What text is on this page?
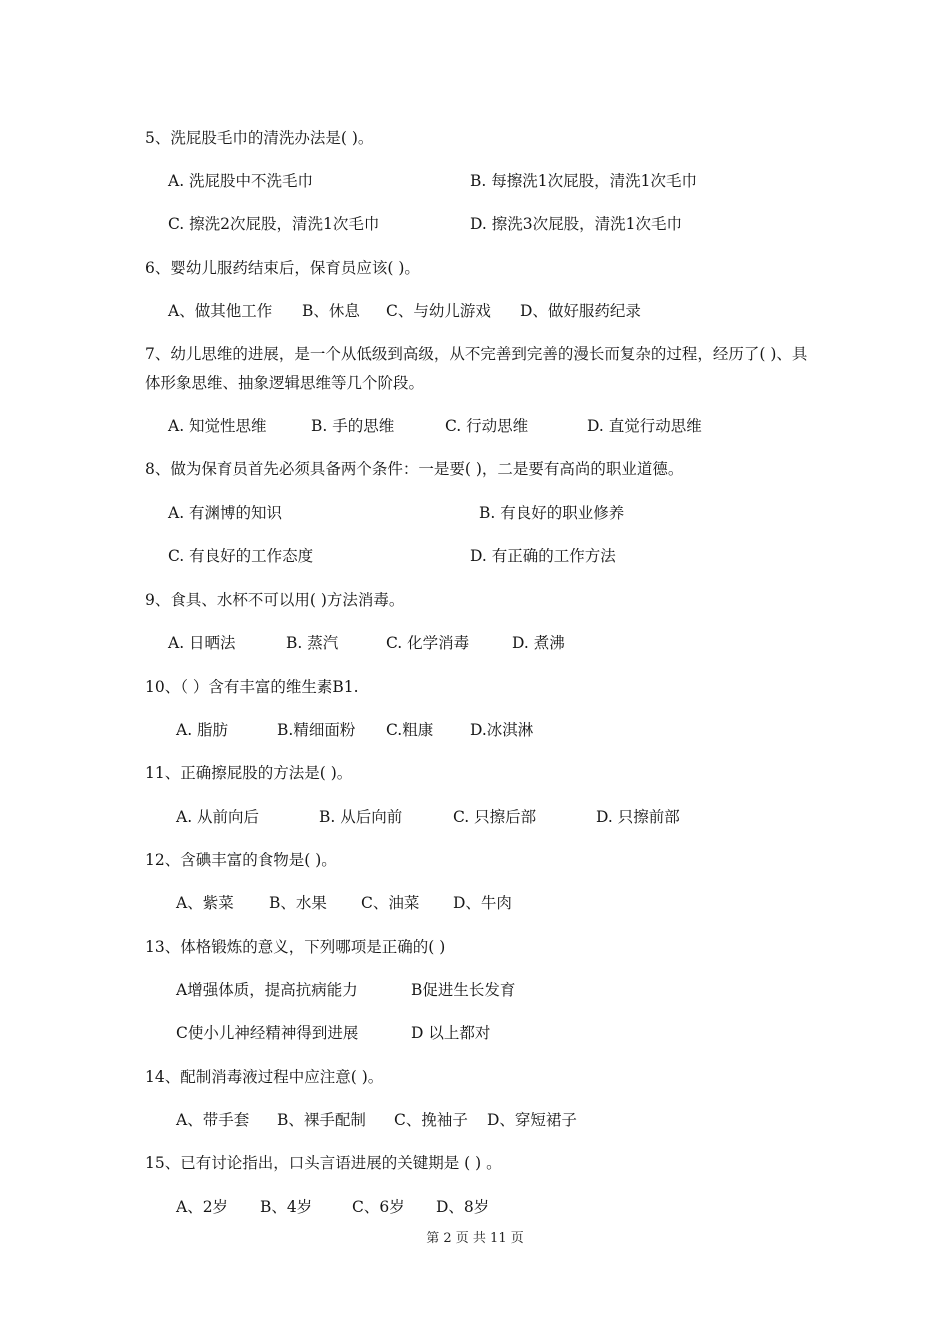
5、洗屁股毛巾的清洗办法是( )。
A. 洗屁股中不洗毛巾	B. 每擦洗1次屁股，清洗1次毛巾
C. 擦洗2次屁股，清洗1次毛巾	D. 擦洗3次屁股，清洗1次毛巾
6、婴幼儿服药结束后，保育员应该( )。
A、做其他工作 B、休息 C、与幼儿游戏 D、做好服药纪录
7、幼儿思维的进展，是一个从低级到高级，从不完善到完善的漫长而复杂的过程，经历了( )、具体形象思维、抽象逻辑思维等几个阶段。
A. 知觉性思维	B. 手的思维	C. 行动思维	D. 直觉行动思维
8、做为保育员首先必须具备两个条件：一是要( )，二是要有高尚的职业道德。
A. 有渊博的知识	B. 有良好的职业修养
C. 有良好的工作态度	D. 有正确的工作方法
9、食具、水杯不可以用( )方法消毒。
A. 日晒法	B. 蒸汽	C. 化学消毒	D. 煮沸
10、（ ）含有丰富的维生素B1.
A. 脂肪	B.精细面粉 C.粗康 D.冰淇淋
11、正确擦屁股的方法是( )。
A. 从前向后	B. 从后向前	C. 只擦后部	D. 只擦前部
12、含碘丰富的食物是( )。
A、紫菜 B、水果 C、油菜 D、牛肉
13、体格锻炼的意义，下列哪项是正确的( )
A增强体质，提高抗病能力	B促进生长发育
C使小儿神经精神得到进展	D 以上都对
14、配制消毒液过程中应注意( )。
A、带手套 B、裸手配制 C、挽袖子 D、穿短裙子
15、已有讨论指出，口头言语进展的关键期是 ( ) 。
A、2岁 B、4岁	C、6岁 D、8岁
第 2 页 共 11 页
